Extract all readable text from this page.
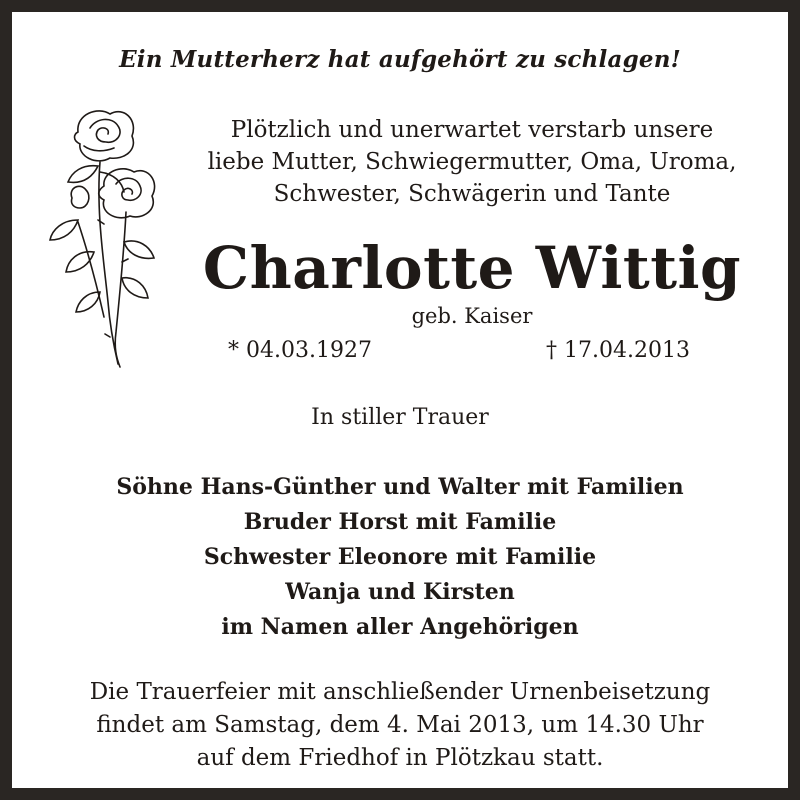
Ein Mutterherz hat aufgehört zu schlagen!
Plötzlich und unerwartet verstarb unsere
liebe Mutter, Schwiegermutter, Oma, Uroma,
Schwester, Schwägerin und Tante
Charlotte Wittig
geb. Kaiser
* 04.03.1927	† 17.04.2013
In stiller Trauer
Söhne Hans-Günther und Walter mit Familien
Bruder Horst mit Familie
Schwester Eleonore mit Familie
Wanja und Kirsten
im Namen aller Angehörigen
Die Trauerfeier mit anschließender Urnenbeisetzung
findet am Samstag, dem 4. Mai 2013, um 14.30 Uhr
auf dem Friedhof in Plötzkau statt.
